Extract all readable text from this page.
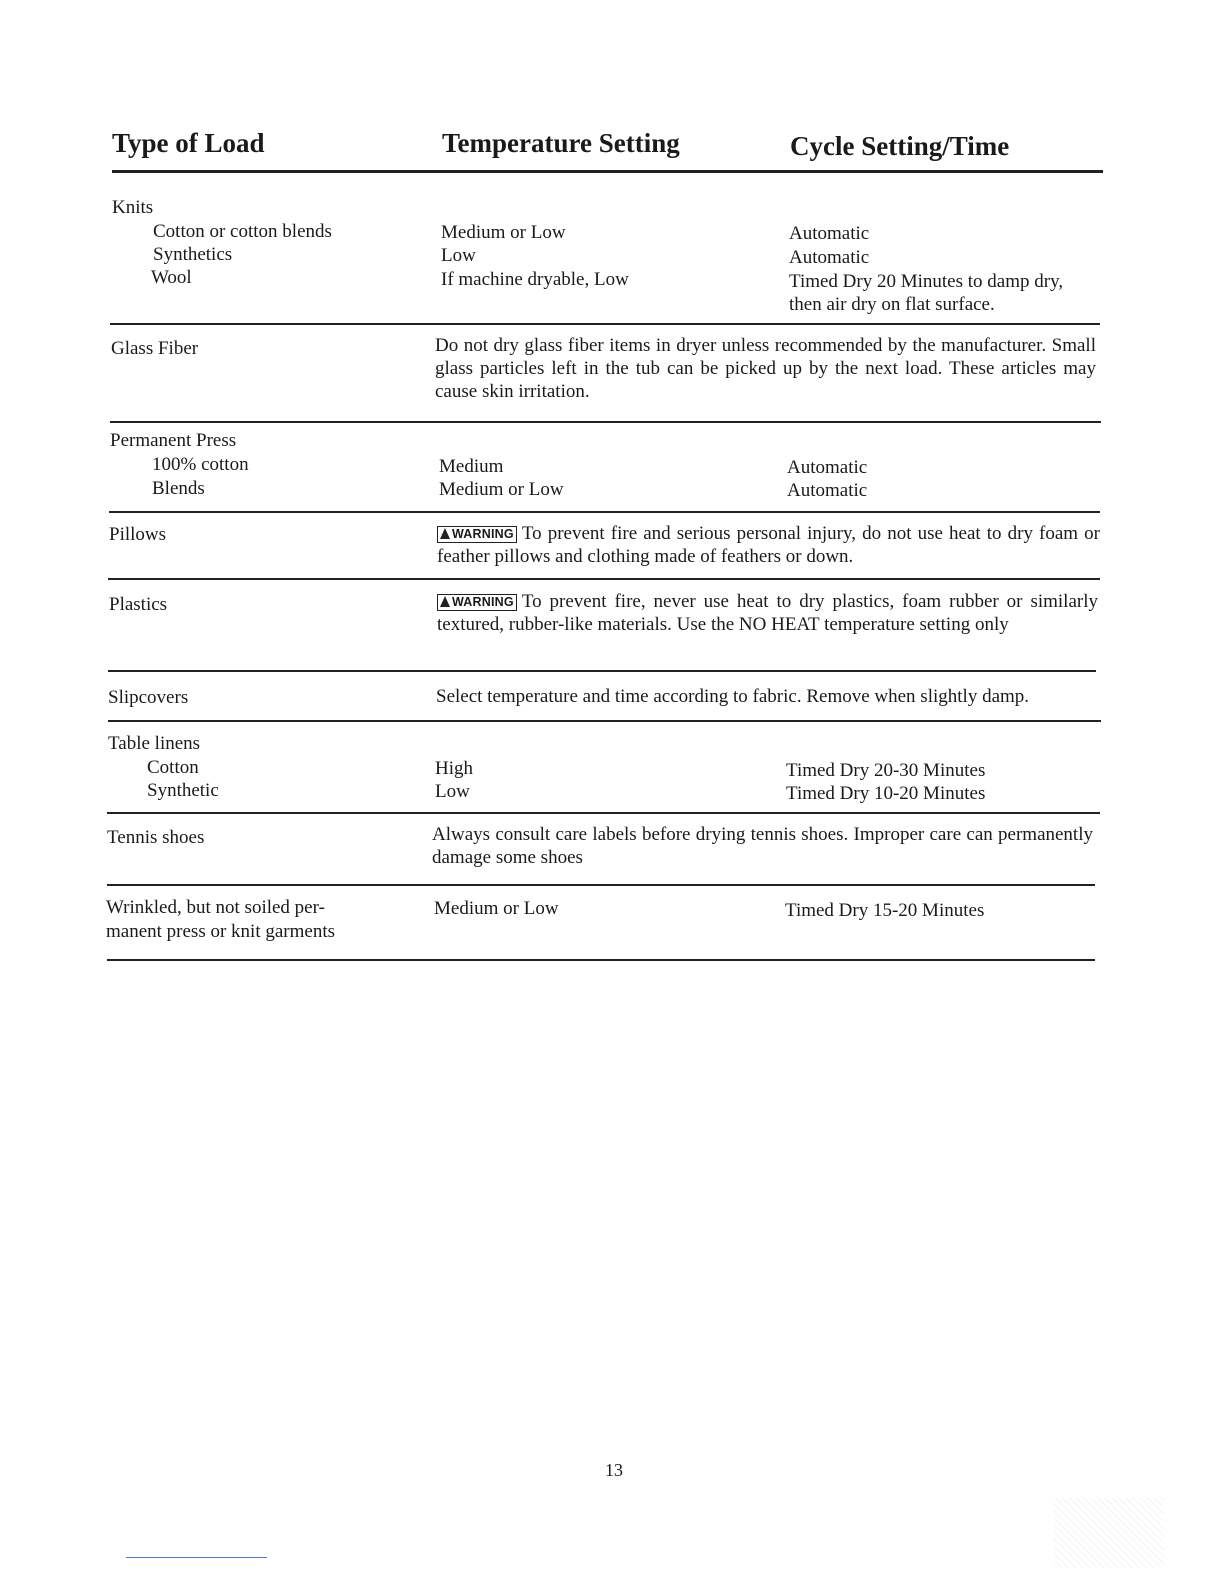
Type of Load	Temperature Setting	Cycle Setting/Time
Knits
Cotton or cotton blends	Medium or Low	Automatic
Synthetics	Low	Automatic
Wool	If machine dryable, Low	Timed Dry 20 Minutes to damp dry,
then air dry on flat surface.
Glass Fiber	Do not dry glass fiber items in dryer unless recommended by the manufacturer. Small glass particles left in the tub can be picked up by the next load. These articles may cause skin irritation.
Permanent Press
100% cotton	Medium	Automatic
Blends	Medium or Low	Automatic
Pillows	WARNING To prevent fire and serious personal injury, do not use heat to dry foam or feather pillows and clothing made of feathers or down.
Plastics	WARNING To prevent fire, never use heat to dry plastics, foam rubber or similarly textured, rubber-like materials. Use the NO HEAT temperature setting only
Slipcovers	Select temperature and time according to fabric. Remove when slightly damp.
Table linens
Cotton	High	Timed Dry 20-30 Minutes
Synthetic	Low	Timed Dry 10-20 Minutes
Tennis shoes	Always consult care labels before drying tennis shoes. Improper care can permanently damage some shoes
Wrinkled, but not soiled per-
manent press or knit garments
Medium or Low	Timed Dry 15-20 Minutes
13
